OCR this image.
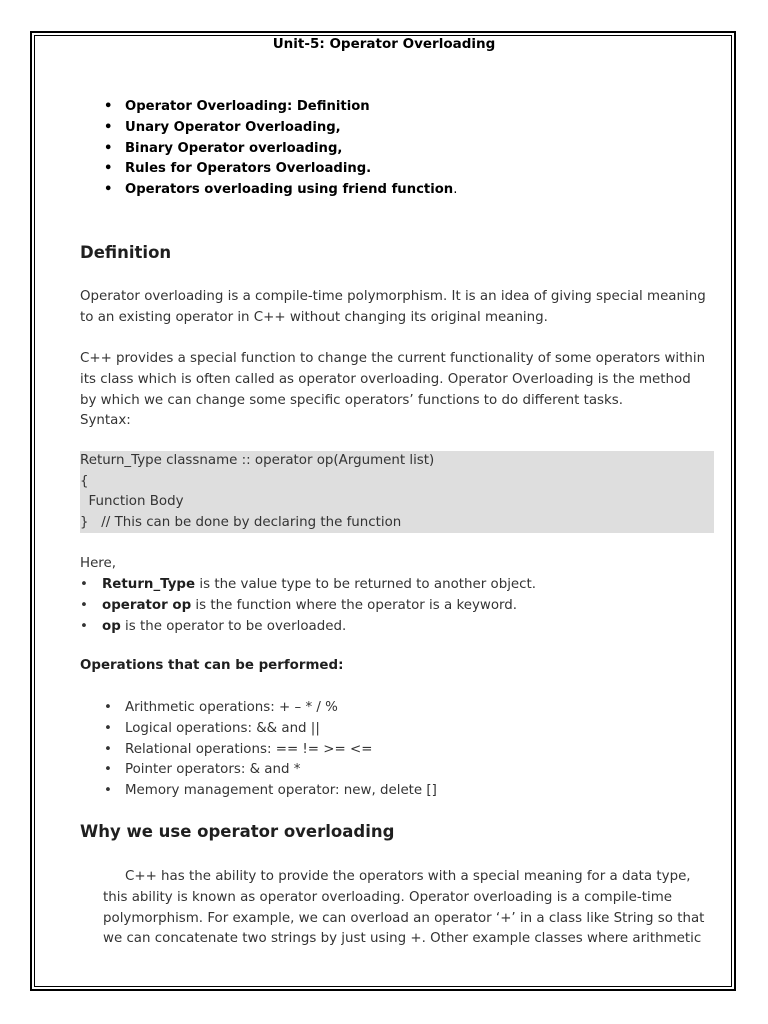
Unit-5: Operator Overloading
• Operator Overloading: Definition
• Unary Operator Overloading,
• Binary Operator overloading,
• Rules for Operators Overloading.
• Operators overloading using friend function.
Definition
Operator overloading is a compile-time polymorphism. It is an idea of giving special meaning
to an existing operator in C++ without changing its original meaning.
C++ provides a special function to change the current functionality of some operators within
its class which is often called as operator overloading. Operator Overloading is the method
by which we can change some specific operators’ functions to do different tasks.
Syntax:
Return_Type classname :: operator op(Argument list)
{
Function Body
}   // This can be done by declaring the function
Here,
• Return_Type is the value type to be returned to another object.
• operator op is the function where the operator is a keyword.
• op is the operator to be overloaded.
Operations that can be performed:
• Arithmetic operations: + – * / %
• Logical operations: && and ||
• Relational operations: == != >= <=
• Pointer operators: & and *
• Memory management operator: new, delete []
Why we use operator overloading
C++ has the ability to provide the operators with a special meaning for a data type,
this ability is known as operator overloading. Operator overloading is a compile-time
polymorphism. For example, we can overload an operator ‘+’ in a class like String so that
we can concatenate two strings by just using +. Other example classes where arithmetic
